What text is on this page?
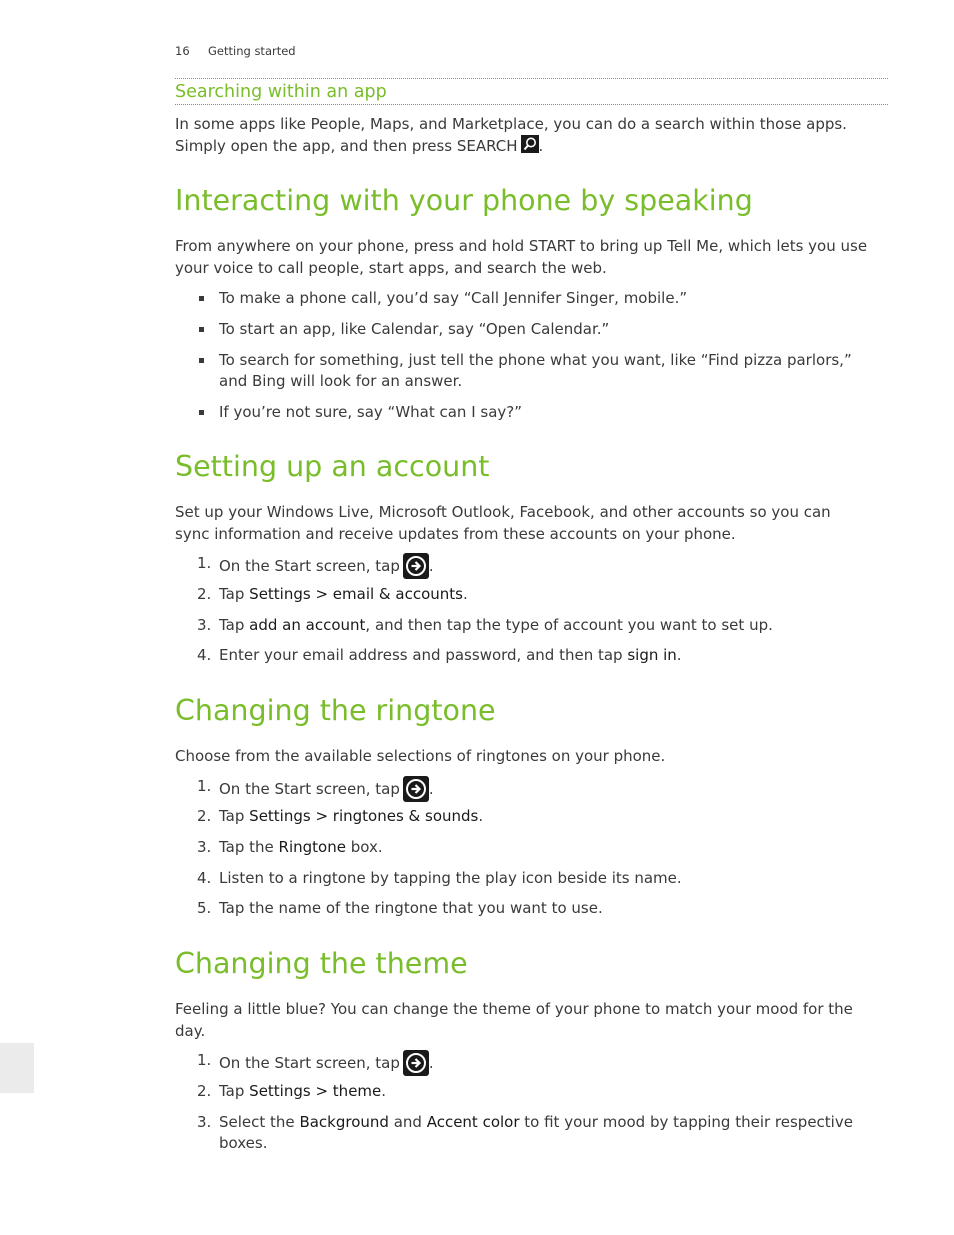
16 Getting started
Searching within an app
In some apps like People, Maps, and Marketplace, you can do a search within those apps.
Simply open the app, and then press SEARCH .
Interacting with your phone by speaking
From anywhere on your phone, press and hold START to bring up Tell Me, which lets you use
your voice to call people, start apps, and search the web.
To make a phone call, you’d say “Call Jennifer Singer, mobile.”
To start an app, like Calendar, say “Open Calendar.”
To search for something, just tell the phone what you want, like “Find pizza parlors,”
and Bing will look for an answer.
If you’re not sure, say “What can I say?”
Setting up an account
Set up your Windows Live, Microsoft Outlook, Facebook, and other accounts so you can
sync information and receive updates from these accounts on your phone.
1. On the Start screen, tap .
2. Tap Settings > email & accounts.
3. Tap add an account, and then tap the type of account you want to set up.
4. Enter your email address and password, and then tap sign in.
Changing the ringtone
Choose from the available selections of ringtones on your phone.
1. On the Start screen, tap .
2. Tap Settings > ringtones & sounds.
3. Tap the Ringtone box.
4. Listen to a ringtone by tapping the play icon beside its name.
5. Tap the name of the ringtone that you want to use.
Changing the theme
Feeling a little blue? You can change the theme of your phone to match your mood for the
day.
1. On the Start screen, tap .
2. Tap Settings > theme.
3. Select the Background and Accent color to fit your mood by tapping their respective
boxes.
